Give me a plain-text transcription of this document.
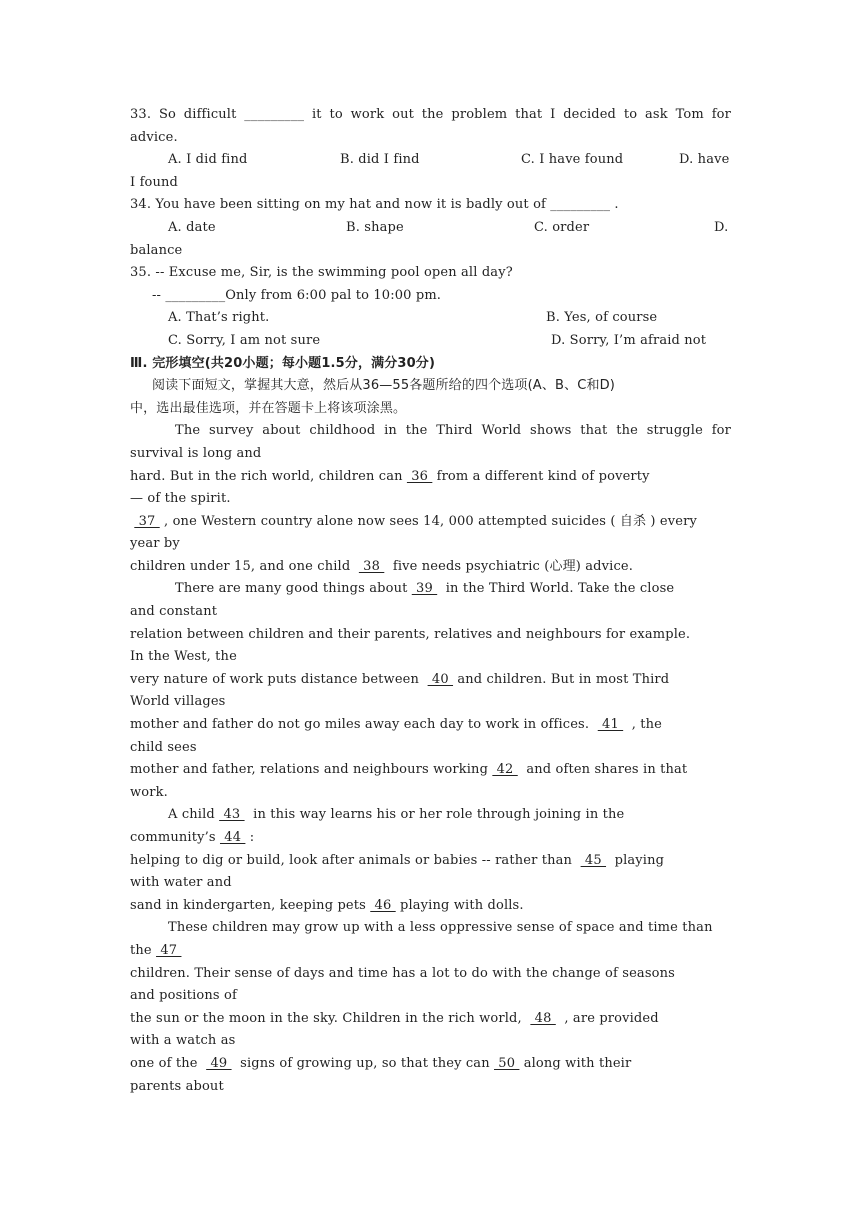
33. So difficult _________ it to work out the problem that I decided to ask Tom for
advice.
A. I did find	B. did I find	C. I have found	D. have
I found
34. You have been sitting on my hat and now it is badly out of _________ .
A. date	B. shape	C. order	D.
balance
35. -- Excuse me, Sir, is the swimming pool open all day?
-- _________Only from 6:00 pal to 10:00 pm.
A. That’s right.	B. Yes, of course
C. Sorry, I am not sure	D. Sorry, I’m afraid not
Ⅲ. 完形填空(共20小题；每小题1.5分，满分30分)
阅读下面短文，掌握其大意，然后从36—55各题所给的四个选项(A、B、C和D)
中，选出最佳选项，并在答题卡上将该项涂黑。
The survey about childhood in the Third World shows that the struggle for
survival is long and
hard. But in the rich world, children can  36  from a different kind of poverty
— of the spirit.
37  , one Western country alone now sees 14, 000 attempted suicides ( 自杀 ) every
year by
children under 15, and one child   38   five needs psychiatric (心理) advice.
There are many good things about  39   in the Third World. Take the close
and constant
relation between children and their parents, relatives and neighbours for example.
In the West, the
very nature of work puts distance between   40  and children. But in most Third
World villages
mother and father do not go miles away each day to work in offices.   41   , the
child sees
mother and father, relations and neighbours working  42   and often shares in that
work.
A child  43   in this way learns his or her role through joining in the
community’s  44  :
helping to dig or build, look after animals or babies -- rather than   45   playing
with water and
sand in kindergarten, keeping pets  46  playing with dolls.
These children may grow up with a less oppressive sense of space and time than
the  47
children. Their sense of days and time has a lot to do with the change of seasons
and positions of
the sun or the moon in the sky. Children in the rich world,   48   , are provided
with a watch as
one of the   49   signs of growing up, so that they can  50  along with their
parents about
